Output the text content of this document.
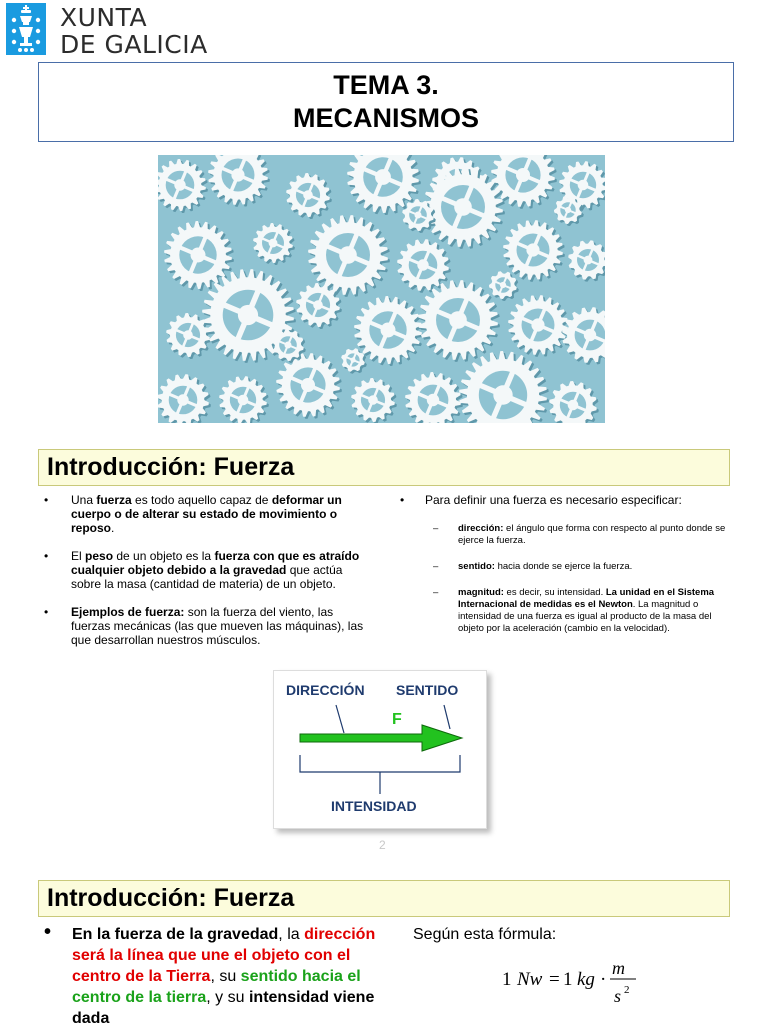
XUNTA
DE GALICIA
TEMA 3.
MECANISMOS
Introducción: Fuerza
• Una fuerza es todo aquello capaz de deformar un cuerpo o de alterar su estado de movimiento o reposo.
• El peso de un objeto es la fuerza con que es atraído cualquier objeto debido a la gravedad que actúa sobre la masa (cantidad de materia) de un objeto.
• Ejemplos de fuerza: son la fuerza del viento, las fuerzas mecánicas (las que mueven las máquinas), las que desarrollan nuestros músculos.
• Para definir una fuerza es necesario especificar:
– dirección: el ángulo que forma con respecto al punto donde se ejerce la fuerza.
– sentido: hacia donde se ejerce la fuerza.
– magnitud: es decir, su intensidad. La unidad en el Sistema Internacional de medidas es el Newton. La magnitud o intensidad de una fuerza es igual al producto de la masa del objeto por la aceleración (cambio en la velocidad).
DIRECCIÓN SENTIDO
F
INTENSIDAD
2
Introducción: Fuerza
•	En la fuerza de la gravedad, la dirección será la línea que une el objeto con el centro de la Tierra, su sentido hacia el centro de la tierra, y su intensidad viene dada
Según esta fórmula:
1 Nw = 1 kg ·
m
s 2
